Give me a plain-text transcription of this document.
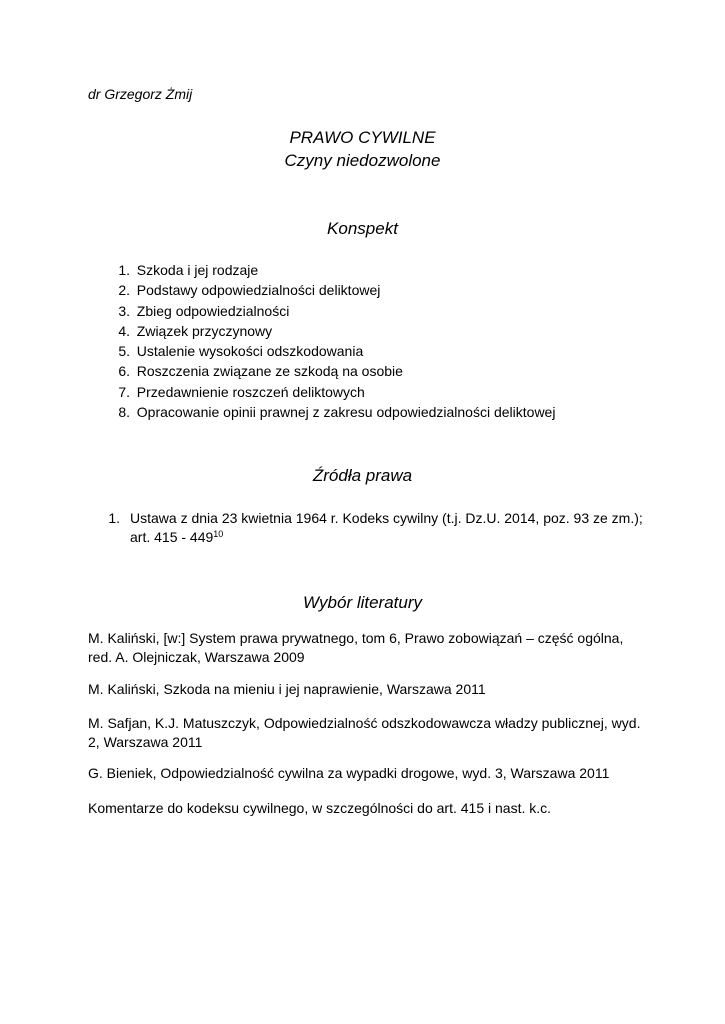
dr Grzegorz Żmij
PRAWO CYWILNE
Czyny niedozwolone
Konspekt
1. Szkoda i jej rodzaje
2. Podstawy odpowiedzialności deliktowej
3. Zbieg odpowiedzialności
4. Związek przyczynowy
5. Ustalenie wysokości odszkodowania
6. Roszczenia związane ze szkodą na osobie
7. Przedawnienie roszczeń deliktowych
8. Opracowanie opinii prawnej z zakresu odpowiedzialności deliktowej
Źródła prawa
1. Ustawa z dnia 23 kwietnia 1964 r. Kodeks cywilny (t.j. Dz.U. 2014, poz. 93 ze zm.); art. $415 - 449^{10}$
Wybór literatury
M. Kaliński, [w:] System prawa prywatnego, tom 6, Prawo zobowiązań – część ogólna, red. A. Olejniczak, Warszawa 2009
M. Kaliński, Szkoda na mieniu i jej naprawienie, Warszawa 2011
M. Safjan, K.J. Matuszczyk, Odpowiedzialność odszkodowawcza władzy publicznej, wyd. 2, Warszawa 2011
G. Bieniek, Odpowiedzialność cywilna za wypadki drogowe, wyd. 3, Warszawa 2011
Komentarze do kodeksu cywilnego, w szczególności do art. 415 i nast. k.c.
